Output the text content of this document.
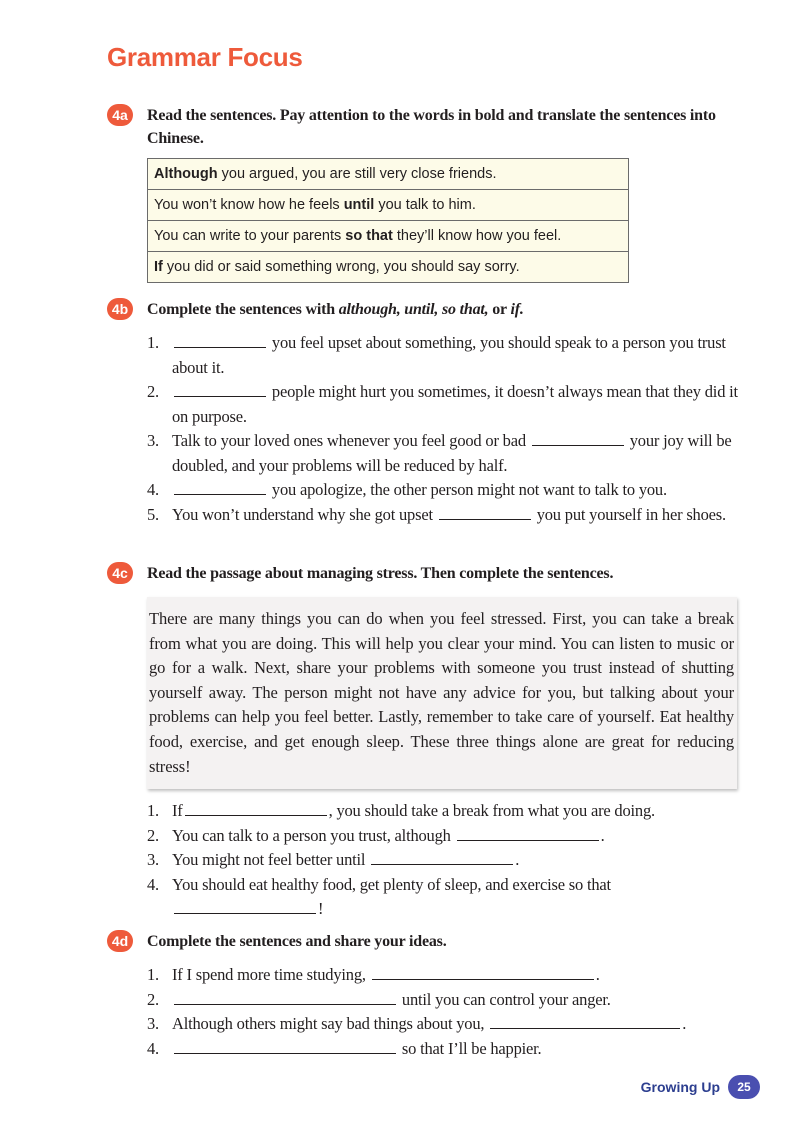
Grammar Focus
4a	Read the sentences. Pay attention to the words in bold and translate the sentences into Chinese.
Although you argued, you are still very close friends.
You won’t know how he feels until you talk to him.
You can write to your parents so that they’ll know how you feel.
If you did or said something wrong, you should say sorry.
4b	Complete the sentences with although, until, so that, or if.
1.	you feel upset about something, you should speak to a person you trust about it.
2.	people might hurt you sometimes, it doesn’t always mean that they did it on purpose.
3. Talk to your loved ones whenever you feel good or bad	your joy will be doubled, and your problems will be reduced by half.
4.	you apologize, the other person might not want to talk to you.
5. You won’t understand why she got upset	you put yourself in her shoes.
4c	Read the passage about managing stress. Then complete the sentences.
There are many things you can do when you feel stressed. First, you can take a break from what you are doing. This will help you clear your mind. You can listen to music or go for a walk. Next, share your problems with someone you trust instead of shutting yourself away. The person might not have any advice for you, but talking about your problems can help you feel better. Lastly, remember to take care of yourself. Eat healthy food, exercise, and get enough sleep. These three things alone are great for reducing stress!
1. If	, you should take a break from what you are doing.
2. You can talk to a person you trust, although	.
3. You might not feel better until	.
4. You should eat healthy food, get plenty of sleep, and exercise so that
!
4d	Complete the sentences and share your ideas.
1. If I spend more time studying,	.
2.	until you can control your anger.
3. Although others might say bad things about you,	.
4.	so that I’ll be happier.
Growing Up	25
